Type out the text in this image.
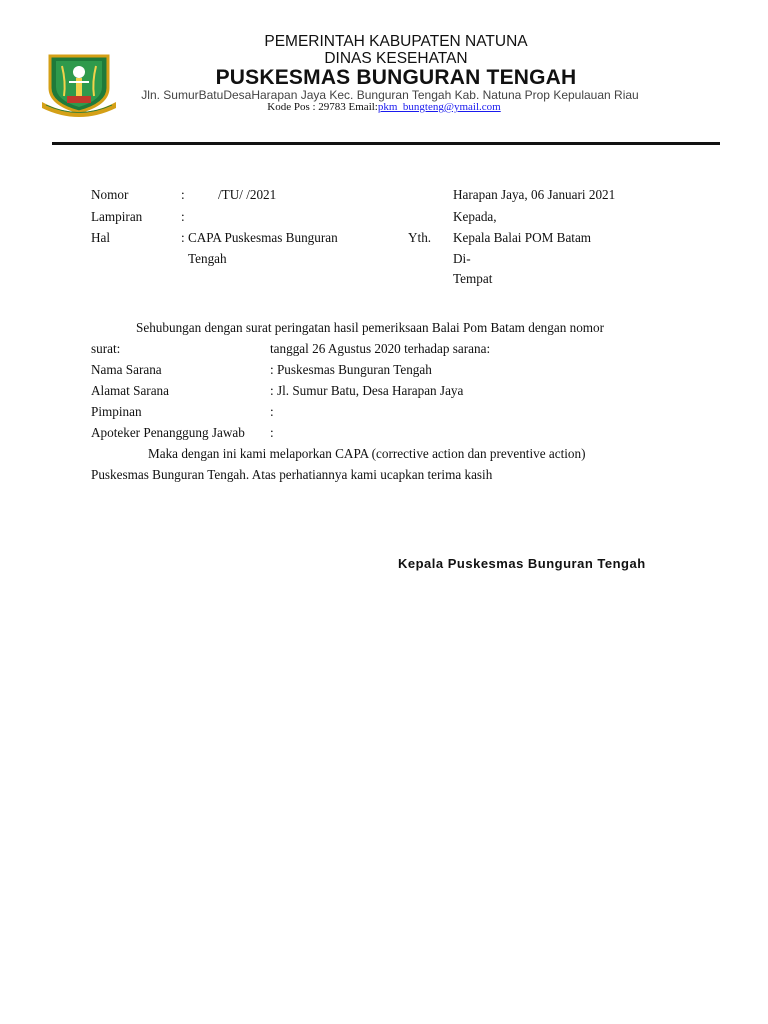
PEMERINTAH KABUPATEN NATUNA
DINAS KESEHATAN
PUSKESMAS BUNGURAN TENGAH
Jln. SumurBatuDesaHarapan Jaya Kec. Bunguran Tengah Kab. Natuna Prop Kepulauan Riau
Kode Pos : 29783 Email:pkm_bungteng@ymail.com
Nomor	:	/TU/ /2021
Lampiran	:
Hal	: CAPA Puskesmas Bunguran
Tengah
Yth.
Harapan Jaya, 06 Januari 2021
Kepada,
Kepala Balai POM Batam
Di-
Tempat
Sehubungan dengan surat peringatan hasil pemeriksaan Balai Pom Batam dengan nomor
surat:	tanggal 26 Agustus 2020 terhadap sarana:
Nama Sarana	: Puskesmas Bunguran Tengah
Alamat Sarana	: Jl. Sumur Batu, Desa Harapan Jaya
Pimpinan	:
Apoteker Penanggung Jawab :
Maka dengan ini kami melaporkan CAPA (corrective action dan preventive action)
Puskesmas Bunguran Tengah. Atas perhatiannya kami ucapkan terima kasih
Kepala Puskesmas Bunguran Tengah
